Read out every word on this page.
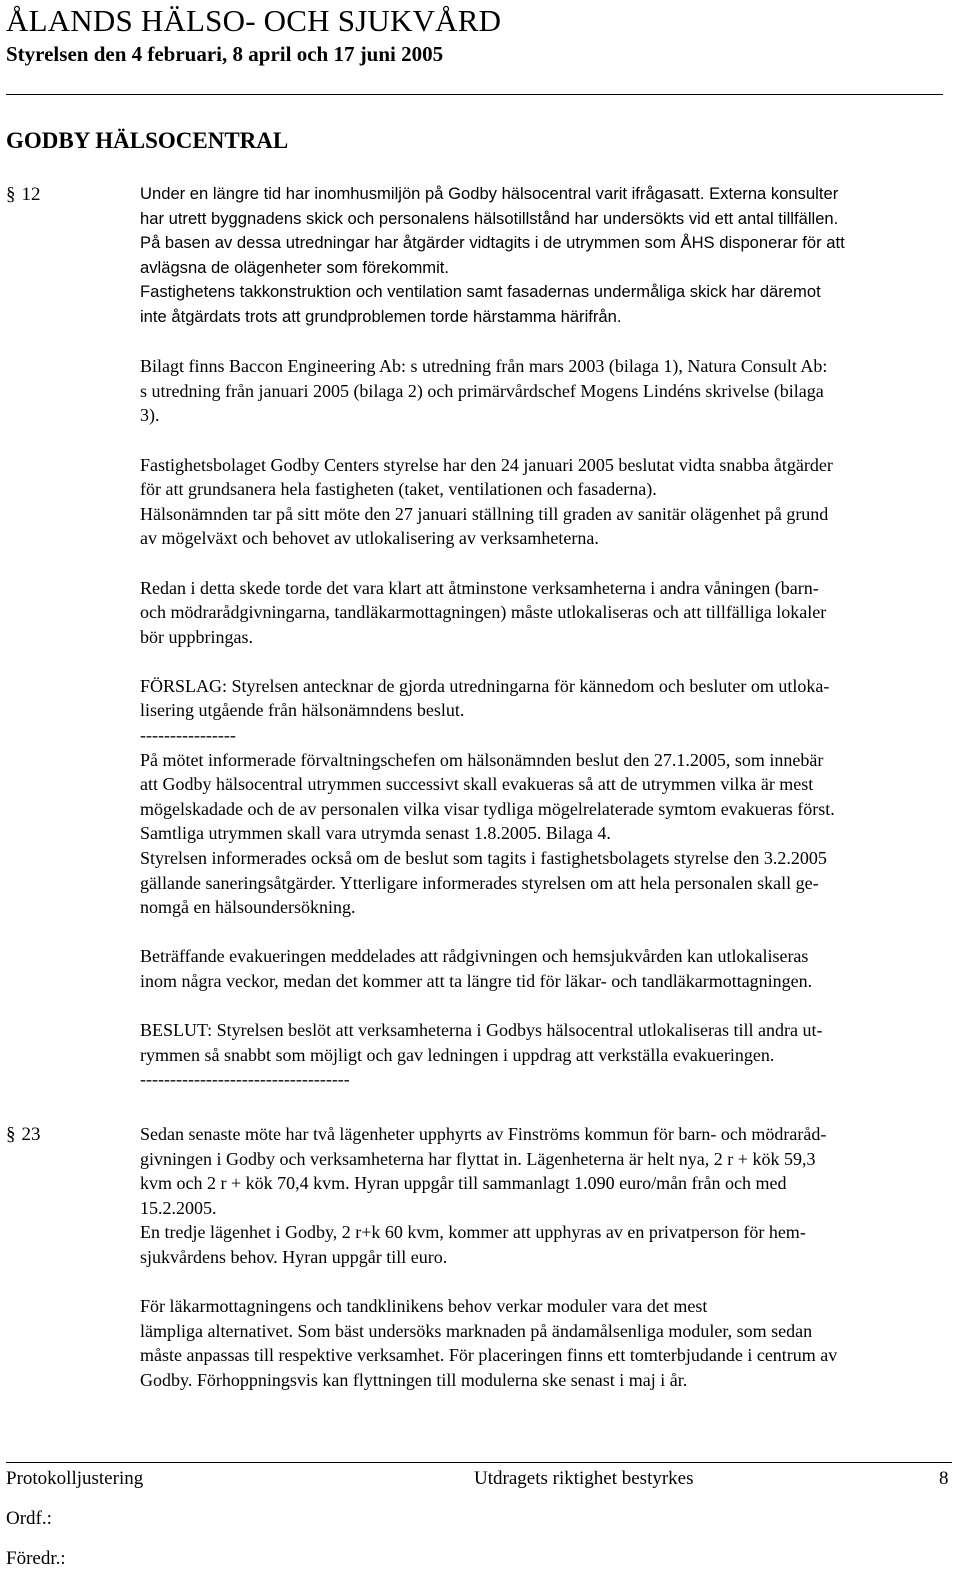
ÅLANDS HÄLSO- OCH SJUKVÅRD
Styrelsen den 4 februari, 8 april och 17 juni 2005
GODBY HÄLSOCENTRAL
§ 12	Under en längre tid har inomhusmiljön på Godby hälsocentral varit ifrågasatt. Externa konsulter

har utrett byggnadens skick och personalens hälsotillstånd har undersökts vid ett antal tillfällen.

På basen av dessa utredningar har åtgärder vidtagits i de utrymmen som ÅHS disponerar för att

avlägsna de olägenheter som förekommit.

Fastighetens takkonstruktion och ventilation samt fasadernas undermåliga skick har däremot

inte åtgärdats trots att grundproblemen torde härstamma härifrån.

Bilagt finns Baccon Engineering Ab: s utredning från mars 2003 (bilaga 1), Natura Consult Ab:

s utredning från januari 2005 (bilaga 2) och primärvårdschef Mogens Lindéns skrivelse (bilaga

3).

Fastighetsbolaget Godby Centers styrelse har den 24 januari 2005 beslutat vidta snabba åtgärder

för att grundsanera hela fastigheten (taket, ventilationen och fasaderna).

Hälsonämnden tar på sitt möte den 27 januari ställning till graden av sanitär olägenhet på grund

av mögelväxt och behovet av utlokalisering av verksamheterna.

Redan i detta skede torde det vara klart att åtminstone verksamheterna i andra våningen (barn-

och mödrarådgivningarna, tandläkarmottagningen) måste utlokaliseras och att tillfälliga lokaler

bör uppbringas.

FÖRSLAG: Styrelsen antecknar de gjorda utredningarna för kännedom och besluter om utloka-

lisering utgående från hälsonämndens beslut.

----------------

På mötet informerade förvaltningschefen om hälsonämnden beslut den 27.1.2005, som innebär

att Godby hälsocentral utrymmen successivt skall evakueras så att de utrymmen vilka är mest

mögelskadade och de av personalen vilka visar tydliga mögelrelaterade symtom evakueras först.

Samtliga utrymmen skall vara utrymda senast 1.8.2005. Bilaga 4.

Styrelsen informerades också om de beslut som tagits i fastighetsbolagets styrelse den 3.2.2005

gällande saneringsåtgärder. Ytterligare informerades styrelsen om att hela personalen skall ge-

nomgå en hälsoundersökning.

Beträffande evakueringen meddelades att rådgivningen och hemsjukvården kan utlokaliseras

inom några veckor, medan det kommer att ta längre tid för läkar- och tandläkarmottagningen.

BESLUT: Styrelsen beslöt att verksamheterna i Godbys hälsocentral utlokaliseras till andra ut-

rymmen så snabbt som möjligt och gav ledningen i uppdrag att verkställa evakueringen.

-----------------------------------

§ 23	Sedan senaste möte har två lägenheter upphyrts av Finströms kommun för barn- och mödraråd-

givningen i Godby och verksamheterna har flyttat in. Lägenheterna är helt nya, 2 r + kök 59,3

kvm och 2 r + kök 70,4 kvm. Hyran uppgår till sammanlagt 1.090 euro/mån från och med

15.2.2005.

En tredje lägenhet i Godby, 2 r+k 60 kvm, kommer att upphyras av en privatperson för hem-

sjukvårdens behov. Hyran uppgår till euro.

För läkarmottagningens och tandklinikens behov verkar moduler vara det mest

lämpliga alternativet. Som bäst undersöks marknaden på ändamålsenliga moduler, som sedan

måste anpassas till respektive verksamhet. För placeringen finns ett tomterbjudande i centrum av

Godby. Förhoppningsvis kan flyttningen till modulerna ske senast i maj i år.

Protokolljustering	Utdragets riktighet bestyrkes	8
Ordf.:
Föredr.:
